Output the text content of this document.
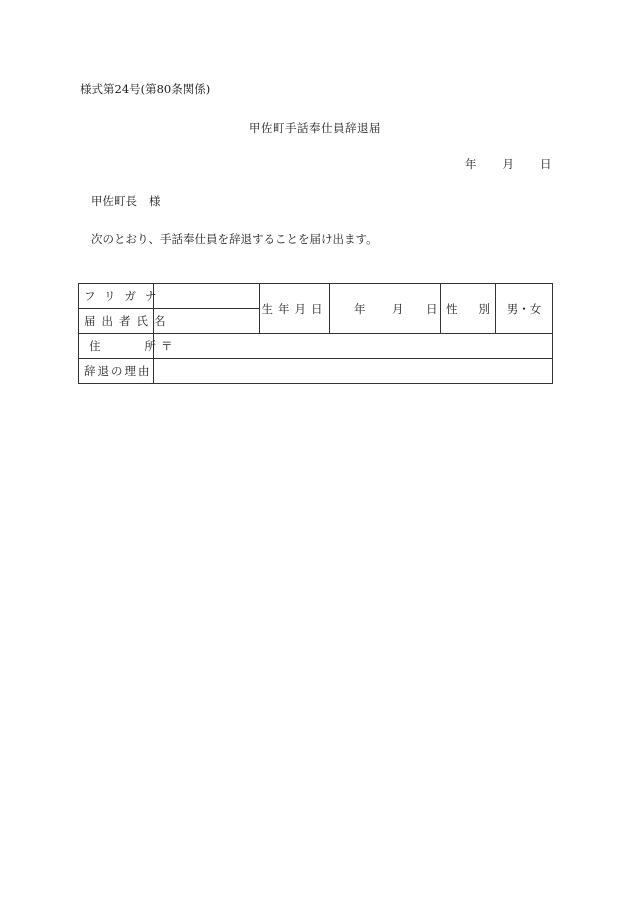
様式第24号(第80条関係)
甲佐町手話奉仕員辞退届
年 月 日
甲佐町長 様
次のとおり、手話奉仕員を辞退することを届け出ます。
フリガナ		生年月日	年 月 日	性 別	男・女
届出者氏名					
住 所	〒				
辞退の理由					
